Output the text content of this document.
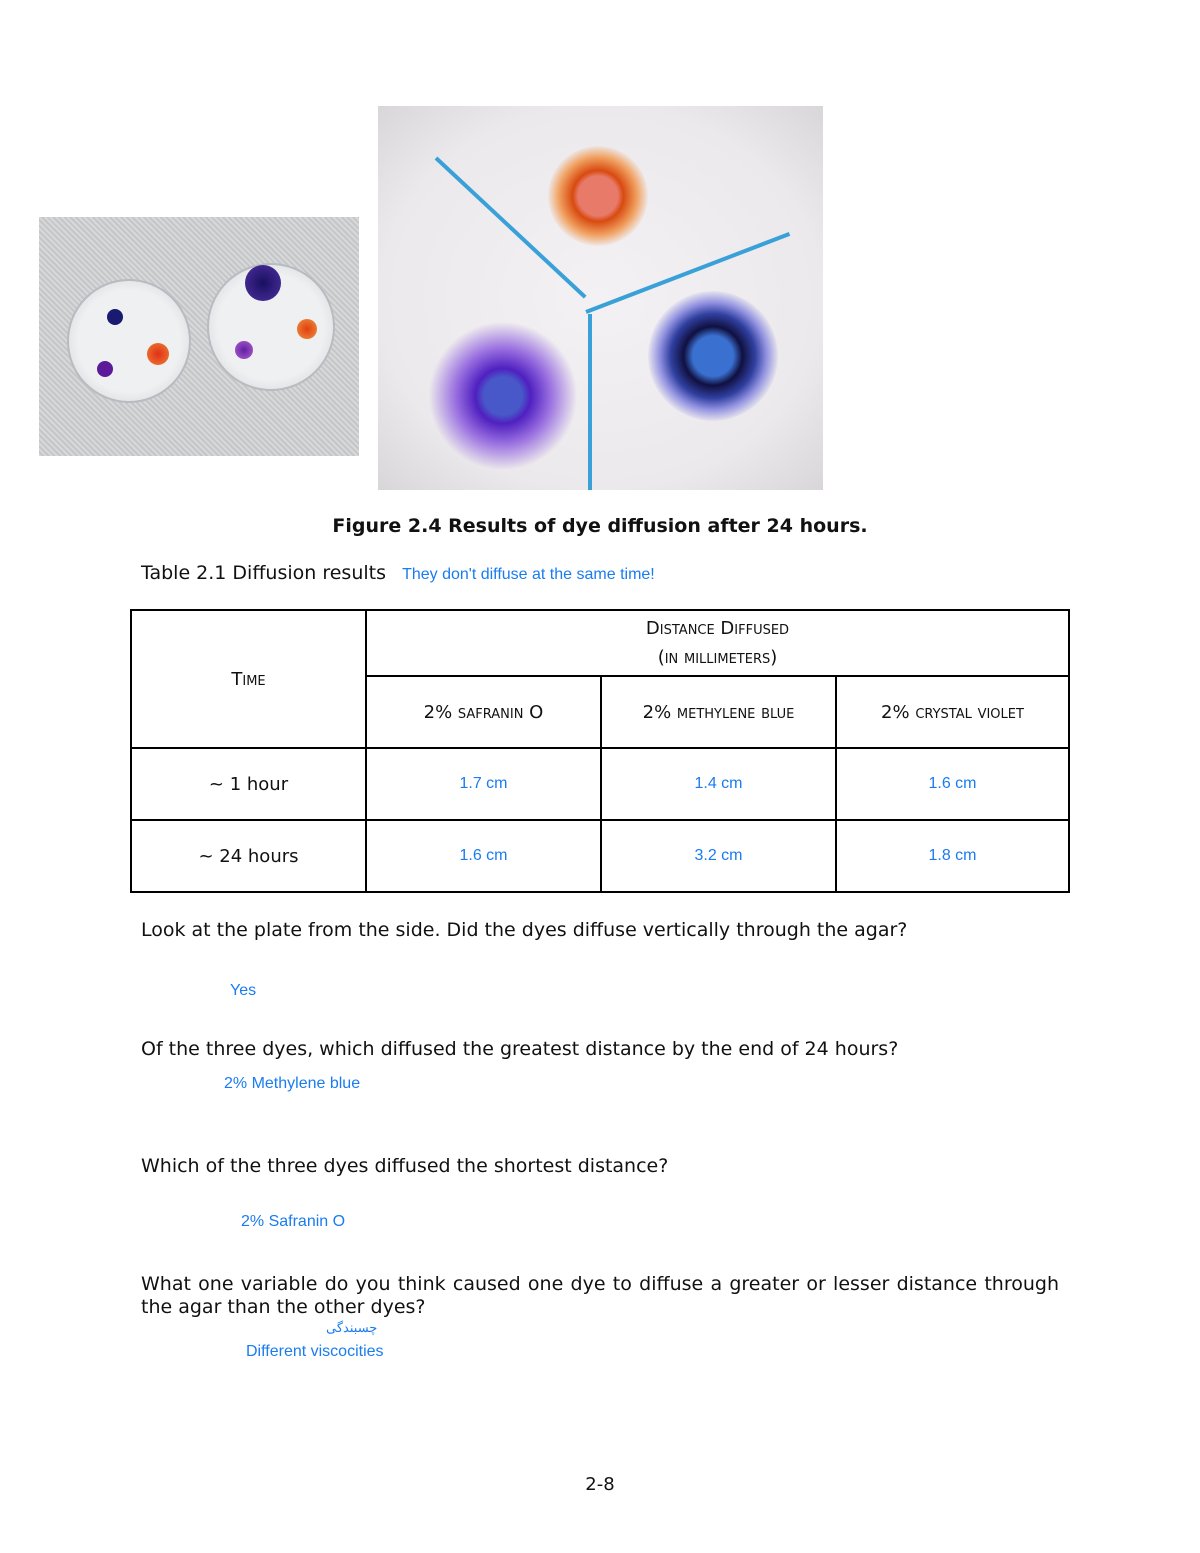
Figure 2.4 Results of dye diffusion after 24 hours.
Table 2.1 Diffusion results They don't diffuse at the same time!
Time	Distance Diffused
(in millimeters)		

	2% safranin O	2% methylene blue	2% crystal violet
~ 1 hour	1.7 cm	1.4 cm	1.6 cm
~ 24 hours	1.6 cm	3.2 cm	1.8 cm
Look at the plate from the side. Did the dyes diffuse vertically through the agar?
Yes
Of the three dyes, which diffused the greatest distance by the end of 24 hours?
2% Methylene blue
Which of the three dyes diffused the shortest distance?
2% Safranin O
What one variable do you think caused one dye to diffuse a greater or lesser distance through the agar than the other dyes?
چسبندگی
Different viscocities
2-8
